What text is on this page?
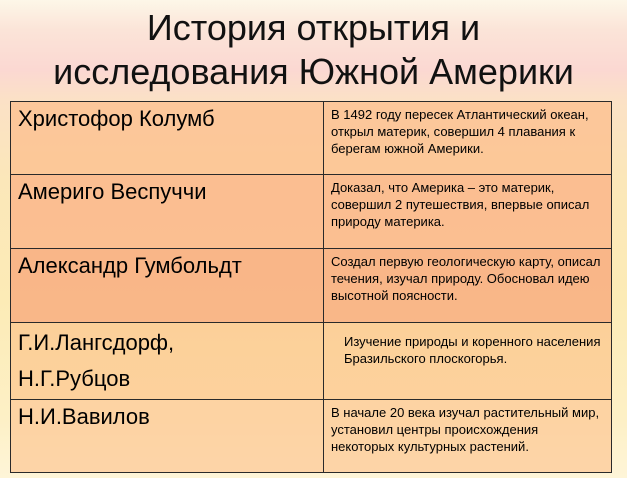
История открытия и
исследования Южной Америки
Христофор Колумб	В 1492 году пересек Атлантический океан, открыл материк, совершил 4 плавания к берегам южной Америки.
Америго Веспуччи	Доказал, что Америка – это материк, совершил 2 путешествия, впервые описал природу материка.
Александр Гумбольдт	Создал первую геологическую карту, описал течения, изучал природу. Обосновал идею высотной поясности.

Г.И.Лангсдорф,
Н.Г.Рубцов	Изучение природы и коренного населения Бразильского плоскогорья.
Н.И.Вавилов	В начале 20 века изучал растительный мир, установил центры происхождения некоторых культурных растений.
